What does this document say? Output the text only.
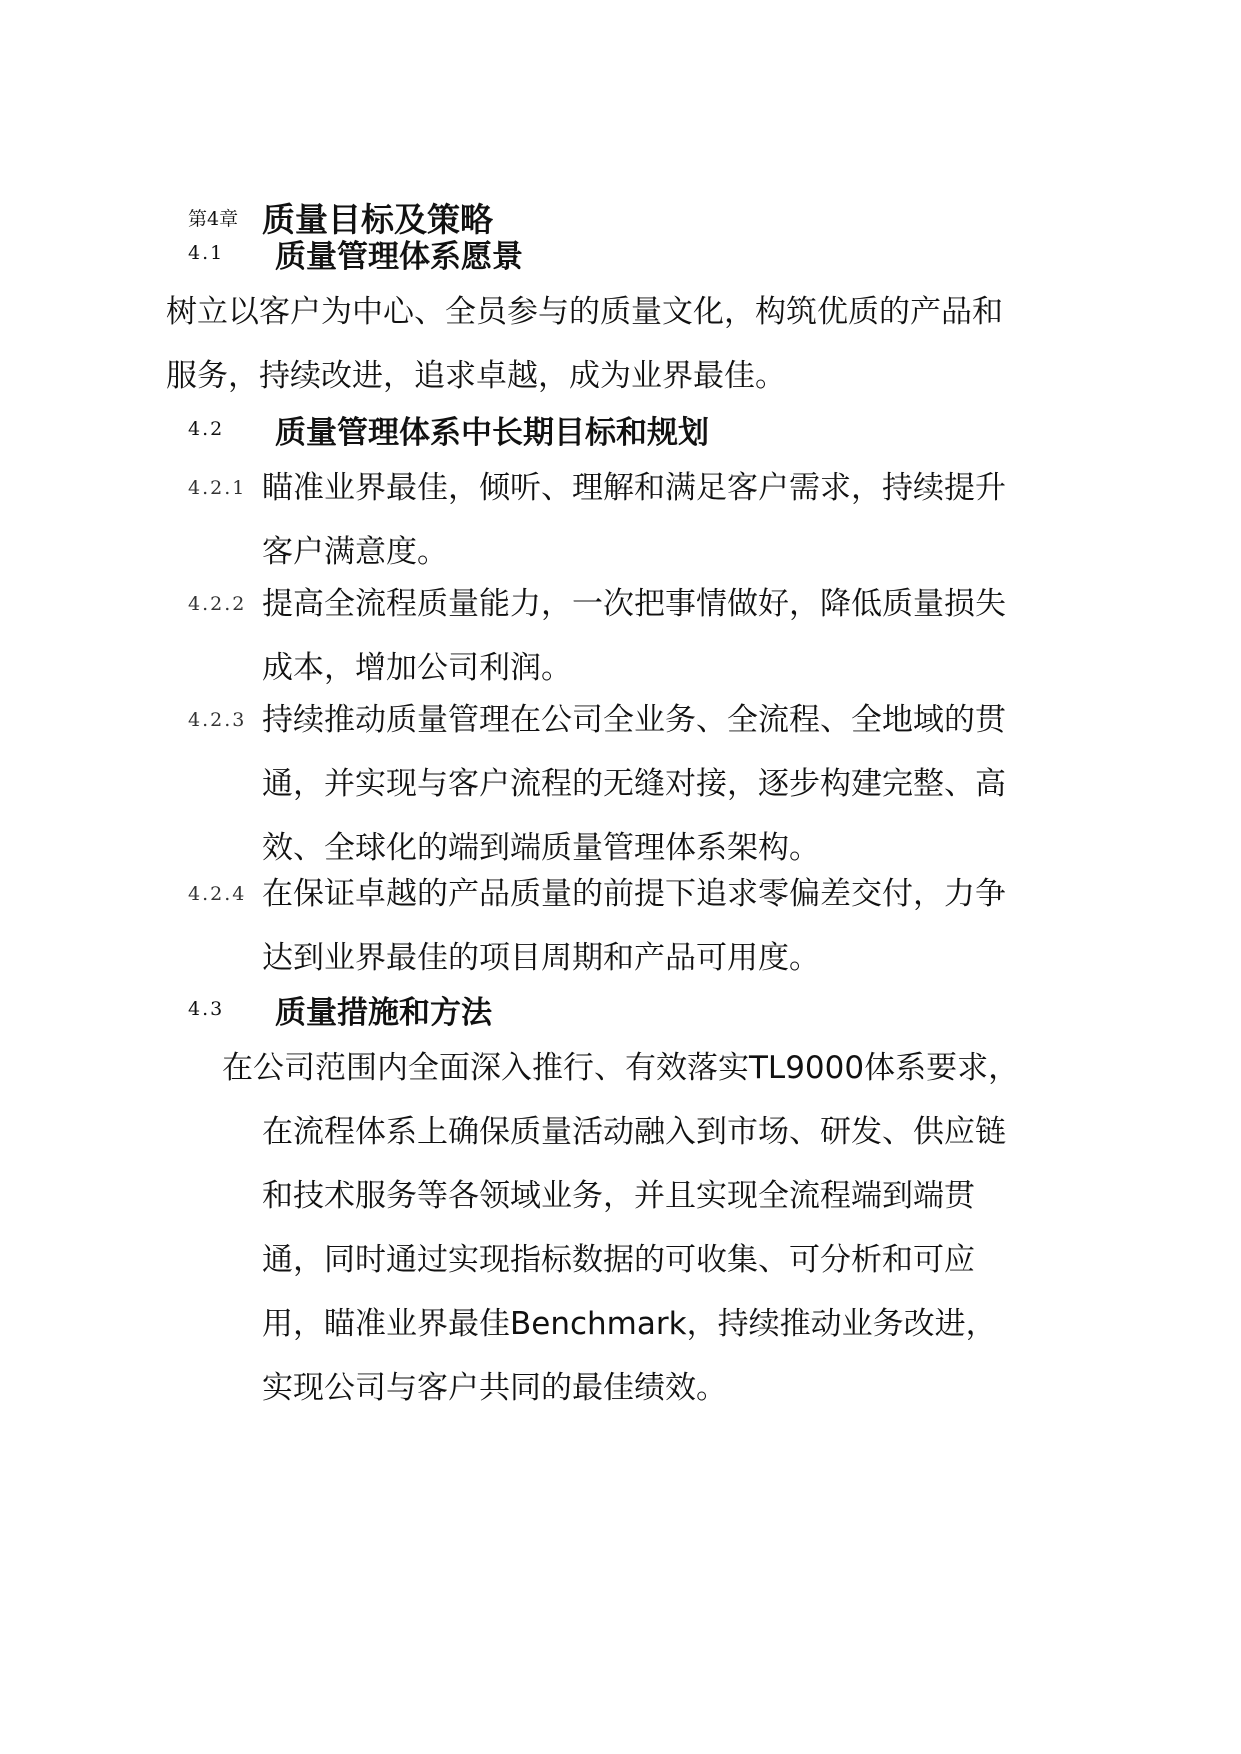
第4章 质量目标及策略
4.1	质量管理体系愿景
树立以客户为中心、全员参与的质量文化，构筑优质的产品和服务，持续改进，追求卓越，成为业界最佳。
4.2	质量管理体系中长期目标和规划
4.2.1 瞄准业界最佳，倾听、理解和满足客户需求，持续提升客户满意度。
4.2.2 提高全流程质量能力，一次把事情做好，降低质量损失成本，增加公司利润。
4.2.3 持续推动质量管理在公司全业务、全流程、全地域的贯通，并实现与客户流程的无缝对接，逐步构建完整、高效、全球化的端到端质量管理体系架构。
4.2.4 在保证卓越的产品质量的前提下追求零偏差交付，力争达到业界最佳的项目周期和产品可用度。
4.3	质量措施和方法
在公司范围内全面深入推行、有效落实TL9000体系要求，在流程体系上确保质量活动融入到市场、研发、供应链和技术服务等各领域业务，并且实现全流程端到端贯通，同时通过实现指标数据的可收集、可分析和可应用，瞄准业界最佳Benchmark，持续推动业务改进，实现公司与客户共同的最佳绩效。
